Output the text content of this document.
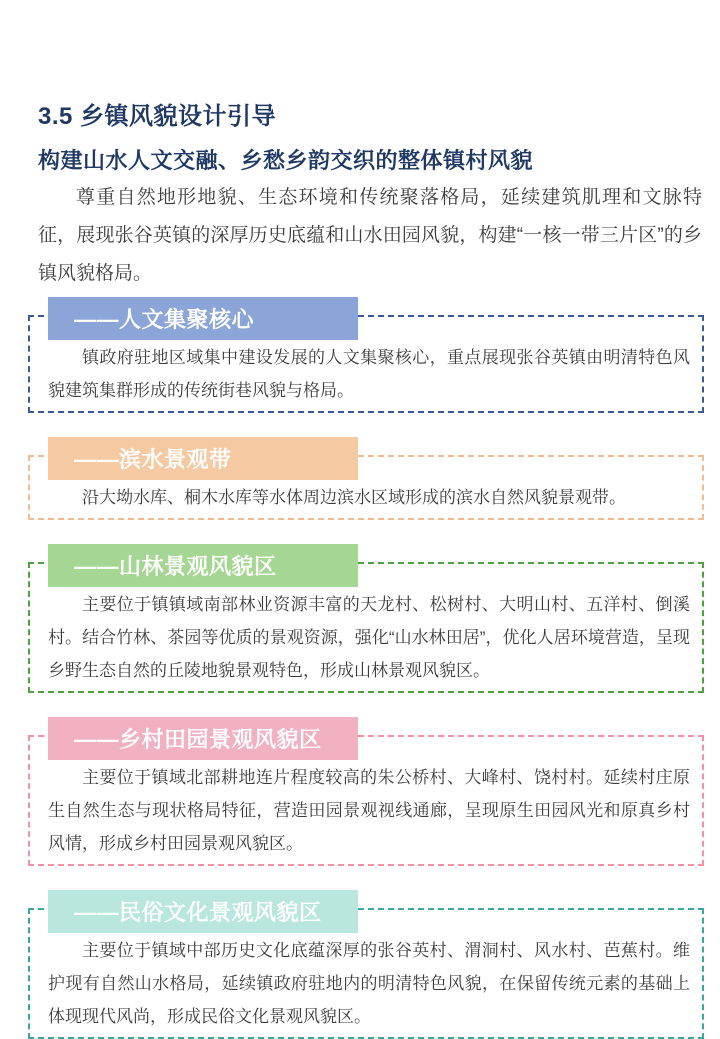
3.5 乡镇风貌设计引导
构建山水人文交融、乡愁乡韵交织的整体镇村风貌

尊重自然地形地貌、生态环境和传统聚落格局，延续建筑肌理和文脉特征，展现张谷英镇的深厚历史底蕴和山水田园风貌，构建“一核一带三片区”的乡镇风貌格局。

——人文集聚核心

镇政府驻地区域集中建设发展的人文集聚核心，重点展现张谷英镇由明清特色风貌建筑集群形成的传统街巷风貌与格局。

——滨水景观带

沿大坳水库、桐木水库等水体周边滨水区域形成的滨水自然风貌景观带。

——山林景观风貌区

主要位于镇镇域南部林业资源丰富的天龙村、松树村、大明山村、五洋村、倒溪村。结合竹林、茶园等优质的景观资源，强化“山水林田居”，优化人居环境营造，呈现乡野生态自然的丘陵地貌景观特色，形成山林景观风貌区。

——乡村田园景观风貌区

主要位于镇域北部耕地连片程度较高的朱公桥村、大峰村、饶村村。延续村庄原生自然生态与现状格局特征，营造田园景观视线通廊，呈现原生田园风光和原真乡村风情，形成乡村田园景观风貌区。

——民俗文化景观风貌区

主要位于镇域中部历史文化底蕴深厚的张谷英村、渭洞村、风水村、芭蕉村。维护现有自然山水格局，延续镇政府驻地内的明清特色风貌，在保留传统元素的基础上体现现代风尚，形成民俗文化景观风貌区。
